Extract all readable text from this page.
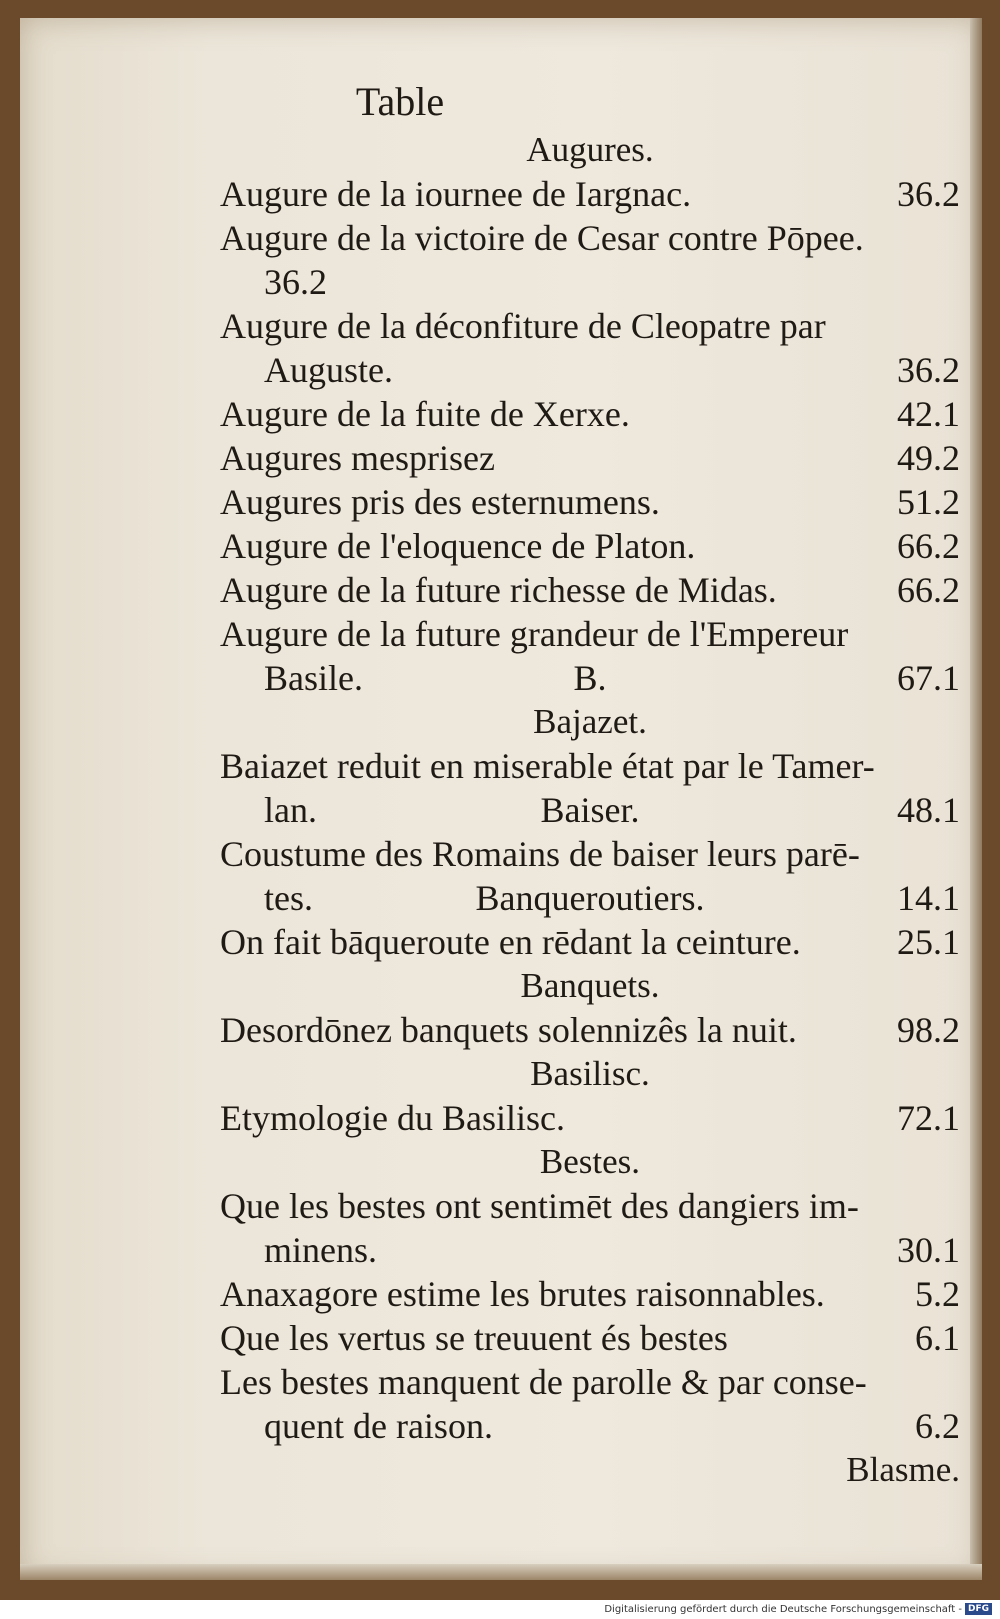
Table
Augures.
Augure de la iournee de Iargnac.	36.2
Augure de la victoire de Cesar contre Pōpee.
36.2
Augure de la déconfiture de Cleopatre par
Auguste.	36.2
Augure de la fuite de Xerxe.	42.1
Augures mesprisez	49.2
Augures pris des esternumens.	51.2
Augure de l'eloquence de Platon.	66.2
Augure de la future richesse de Midas.	66.2
Augure de la future grandeur de l'Empereur
Basile.	B.	67.1
Bajazet.
Baiazet reduit en miserable état par le Tamer-
lan.	Baiser.	48.1
Coustume des Romains de baiser leurs parē-
tes.	Banqueroutiers.	14.1
On fait bāqueroute en rēdant la ceinture.	25.1
Banquets.
Desordōnez banquets solennizês la nuit.	98.2
Basilisc.
Etymologie du Basilisc.	72.1
Bestes.
Que les bestes ont sentimēt des dangiers im-
minens.	30.1
Anaxagore estime les brutes raisonnables.	5.2
Que les vertus se treuuent és bestes	6.1
Les bestes manquent de parolle & par conse-
quent de raison.	6.2
Blasme.
Digitalisierung gefördert durch die Deutsche Forschungsgemeinschaft - DFG
